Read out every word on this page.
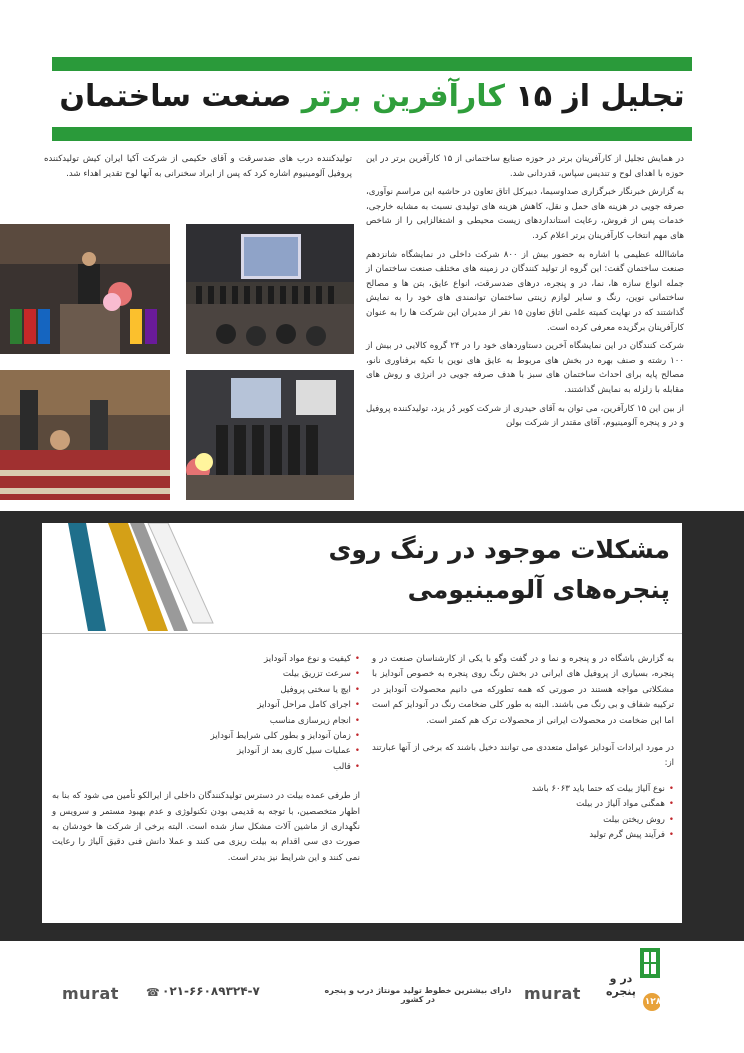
تجلیل از ۱۵ کارآفرین برتر صنعت ساختمان

در همایش تجلیل از کارآفرینان برتر در حوزه صنایع ساختمانی از ۱۵ کارآفرین برتر در این حوزه با اهدای لوح و تندیس سپاس، قدردانی شد.

به گزارش خبرنگار خبرگزاری صداوسیما، دبیرکل اتاق تعاون در حاشیه این مراسم نوآوری، صرفه جویی در هزینه های حمل و نقل، کاهش هزینه های تولیدی نسبت به مشابه خارجی، خدمات پس از فروش، رعایت استانداردهای زیست محیطی و اشتغالزایی را از شاخص های مهم انتخاب کارآفرینان برتر اعلام کرد.

ماشاالله عظیمی با اشاره به حضور بیش از ۸۰۰ شرکت داخلی در نمایشگاه شانزدهم صنعت ساختمان گفت: این گروه از تولید کنندگان در زمینه های مختلف صنعت ساختمان از جمله انواع سازه ها، نما، در و پنجره، درهای ضدسرقت، انواع عایق، بتن ها و مصالح ساختمانی نوین، رنگ و سایر لوازم زینتی ساختمان توانمندی های خود را به نمایش گذاشتند که در نهایت کمیته علمی اتاق تعاون ۱۵ نفر از مدیران این شرکت ها را به عنوان کارآفرینان برگزیده معرفی کرده است.

شرکت کنندگان در این نمایشگاه آخرین دستاوردهای خود را در ۲۴ گروه کالایی در بیش از ۱۰۰ رشته و صنف بهره در بخش های مربوط به عایق های نوین با تکیه برفناوری نانو، مصالح پایه برای احداث ساختمان های سبز با هدف صرفه جویی در انرژی و روش های مقابله با زلزله به نمایش گذاشتند.

از بین این ۱۵ کارآفرین، می توان به آقای حیدری از شرکت کوبر دُر یزد، تولیدکننده پروفیل و در و پنجره آلومینیوم، آقای مقتدر از شرکت بولن

تولیدکننده درب های ضدسرقت و آقای حکیمی از شرکت آکیا ایران کیش تولیدکننده پروفیل آلومینیوم اشاره کرد که پس از ابراد سخنرانی به آنها لوح تقدیر اهداء شد.

مشکلات موجود در رنگ روی
پنجره‌های آلومینیومی

به گزارش باشگاه در و پنجره و نما و در گفت وگو با یکی از کارشناسان صنعت در و پنجره، بسیاری از پروفیل های ایرانی در بخش رنگ روی پنجره به خصوص آنودایز با مشکلاتی مواجه هستند در صورتی که همه تطورکه می دانیم محصولات آنودایز در ترکیبه شفاف و بی رنگ می باشند. البته به طور کلی ضخامت رنگ در آنودایز کم است اما این ضخامت در محصولات ایرانی از محصولات ترک هم کمتر است.

در مورد ایرادات آنودایز عوامل متعددی می توانند دخیل باشند که برخی از آنها عبارتند از:

• نوع آلیاژ بیلت که حتما باید ۶۰۶۳ باشد
• همگنی مواد آلیاژ در بیلت
• روش ریختن بیلت
• فرآیند پیش گرم تولید
• کیفیت و نوع مواد آنودایز
• سرعت تزریق بیلت
• ایچ یا سختی پروفیل
• اجرای کامل مراحل آنودایز
• انجام زیرسازی مناسب
• زمان آنودایز و بطور کلی شرایط آنودایز
• عملیات سیل کاری بعد از آنودایز
• قالب

از طرفی عمده بیلت در دسترس تولیدکنندگان داخلی از ایرالکو تأمین می شود که بنا به اظهار متخصصین، با توجه به قدیمی بودن تکنولوژی و عدم بهبود مستمر و سرویس و نگهداری از ماشین آلات مشکل ساز شده است. البته برخی از شرکت ها خودشان به صورت دی سی اقدام به بیلت ریزی می کنند و عملا دانش فنی دقیق آلیاژ را رعایت نمی کنند و این شرایط نیز بدتر است.

در و پنجره
۱۲۸
murat ☎ ۰۲۱-۶۶۰۸۹۳۲۴-۷	دارای بیشترین خطوط تولید مونتاژ درب و پنجره در کشور	murat
